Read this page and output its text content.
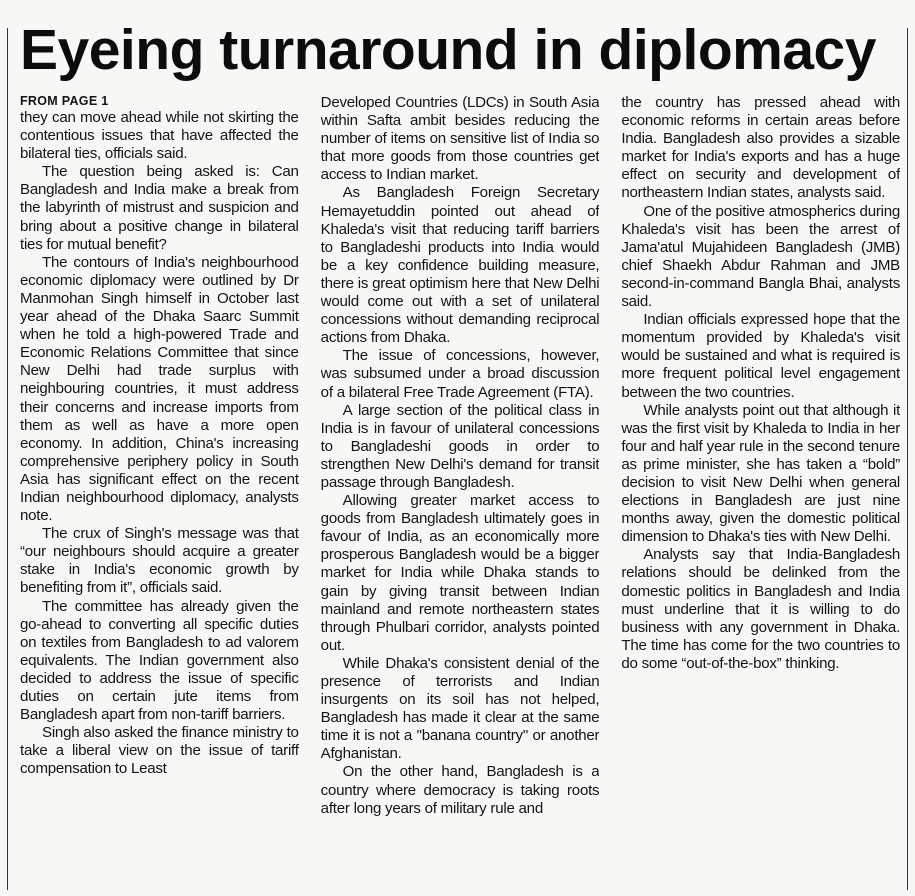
Eyeing turnaround in diplomacy
FROM PAGE 1

they can move ahead while not skirting the contentious issues that have affected the bilateral ties, officials said.

The question being asked is: Can Bangladesh and India make a break from the labyrinth of mistrust and suspicion and bring about a positive change in bilateral ties for mutual benefit?

The contours of India's neighbourhood economic diplomacy were outlined by Dr Manmohan Singh himself in October last year ahead of the Dhaka Saarc Summit when he told a high-powered Trade and Economic Relations Committee that since New Delhi had trade surplus with neighbouring countries, it must address their concerns and increase imports from them as well as have a more open economy. In addition, China's increasing comprehensive periphery policy in South Asia has significant effect on the recent Indian neighbourhood diplomacy, analysts note.

The crux of Singh's message was that “our neighbours should acquire a greater stake in India's economic growth by benefiting from it”, officials said.

The committee has already given the go-ahead to converting all specific duties on textiles from Bangladesh to ad valorem equivalents. The Indian government also decided to address the issue of specific duties on certain jute items from Bangladesh apart from non-tariff barriers.

Singh also asked the finance ministry to take a liberal view on the issue of tariff compensation to Least

Developed Countries (LDCs) in South Asia within Safta ambit besides reducing the number of items on sensitive list of India so that more goods from those countries get access to Indian market.

As Bangladesh Foreign Secretary Hemayetuddin pointed out ahead of Khaleda's visit that reducing tariff barriers to Bangladeshi products into India would be a key confidence building measure, there is great optimism here that New Delhi would come out with a set of unilateral concessions without demanding reciprocal actions from Dhaka.

The issue of concessions, however, was subsumed under a broad discussion of a bilateral Free Trade Agreement (FTA).

A large section of the political class in India is in favour of unilateral concessions to Bangladeshi goods in order to strengthen New Delhi's demand for transit passage through Bangladesh.

Allowing greater market access to goods from Bangladesh ultimately goes in favour of India, as an economically more prosperous Bangladesh would be a bigger market for India while Dhaka stands to gain by giving transit between Indian mainland and remote northeastern states through Phulbari corridor, analysts pointed out.

While Dhaka's consistent denial of the presence of terrorists and Indian insurgents on its soil has not helped, Bangladesh has made it clear at the same time it is not a "banana country" or another Afghanistan.

On the other hand, Bangladesh is a country where democracy is taking roots after long years of military rule and

the country has pressed ahead with economic reforms in certain areas before India. Bangladesh also provides a sizable market for India's exports and has a huge effect on security and development of northeastern Indian states, analysts said.

One of the positive atmospherics during Khaleda's visit has been the arrest of Jama'atul Mujahideen Bangladesh (JMB) chief Shaekh Abdur Rahman and JMB second-in-command Bangla Bhai, analysts said.

Indian officials expressed hope that the momentum provided by Khaleda's visit would be sustained and what is required is more frequent political level engagement between the two countries.

While analysts point out that although it was the first visit by Khaleda to India in her four and half year rule in the second tenure as prime minister, she has taken a “bold” decision to visit New Delhi when general elections in Bangladesh are just nine months away, given the domestic political dimension to Dhaka's ties with New Delhi.

Analysts say that India-Bangladesh relations should be delinked from the domestic politics in Bangladesh and India must underline that it is willing to do business with any government in Dhaka. The time has come for the two countries to do some “out-of-the-box” thinking.
